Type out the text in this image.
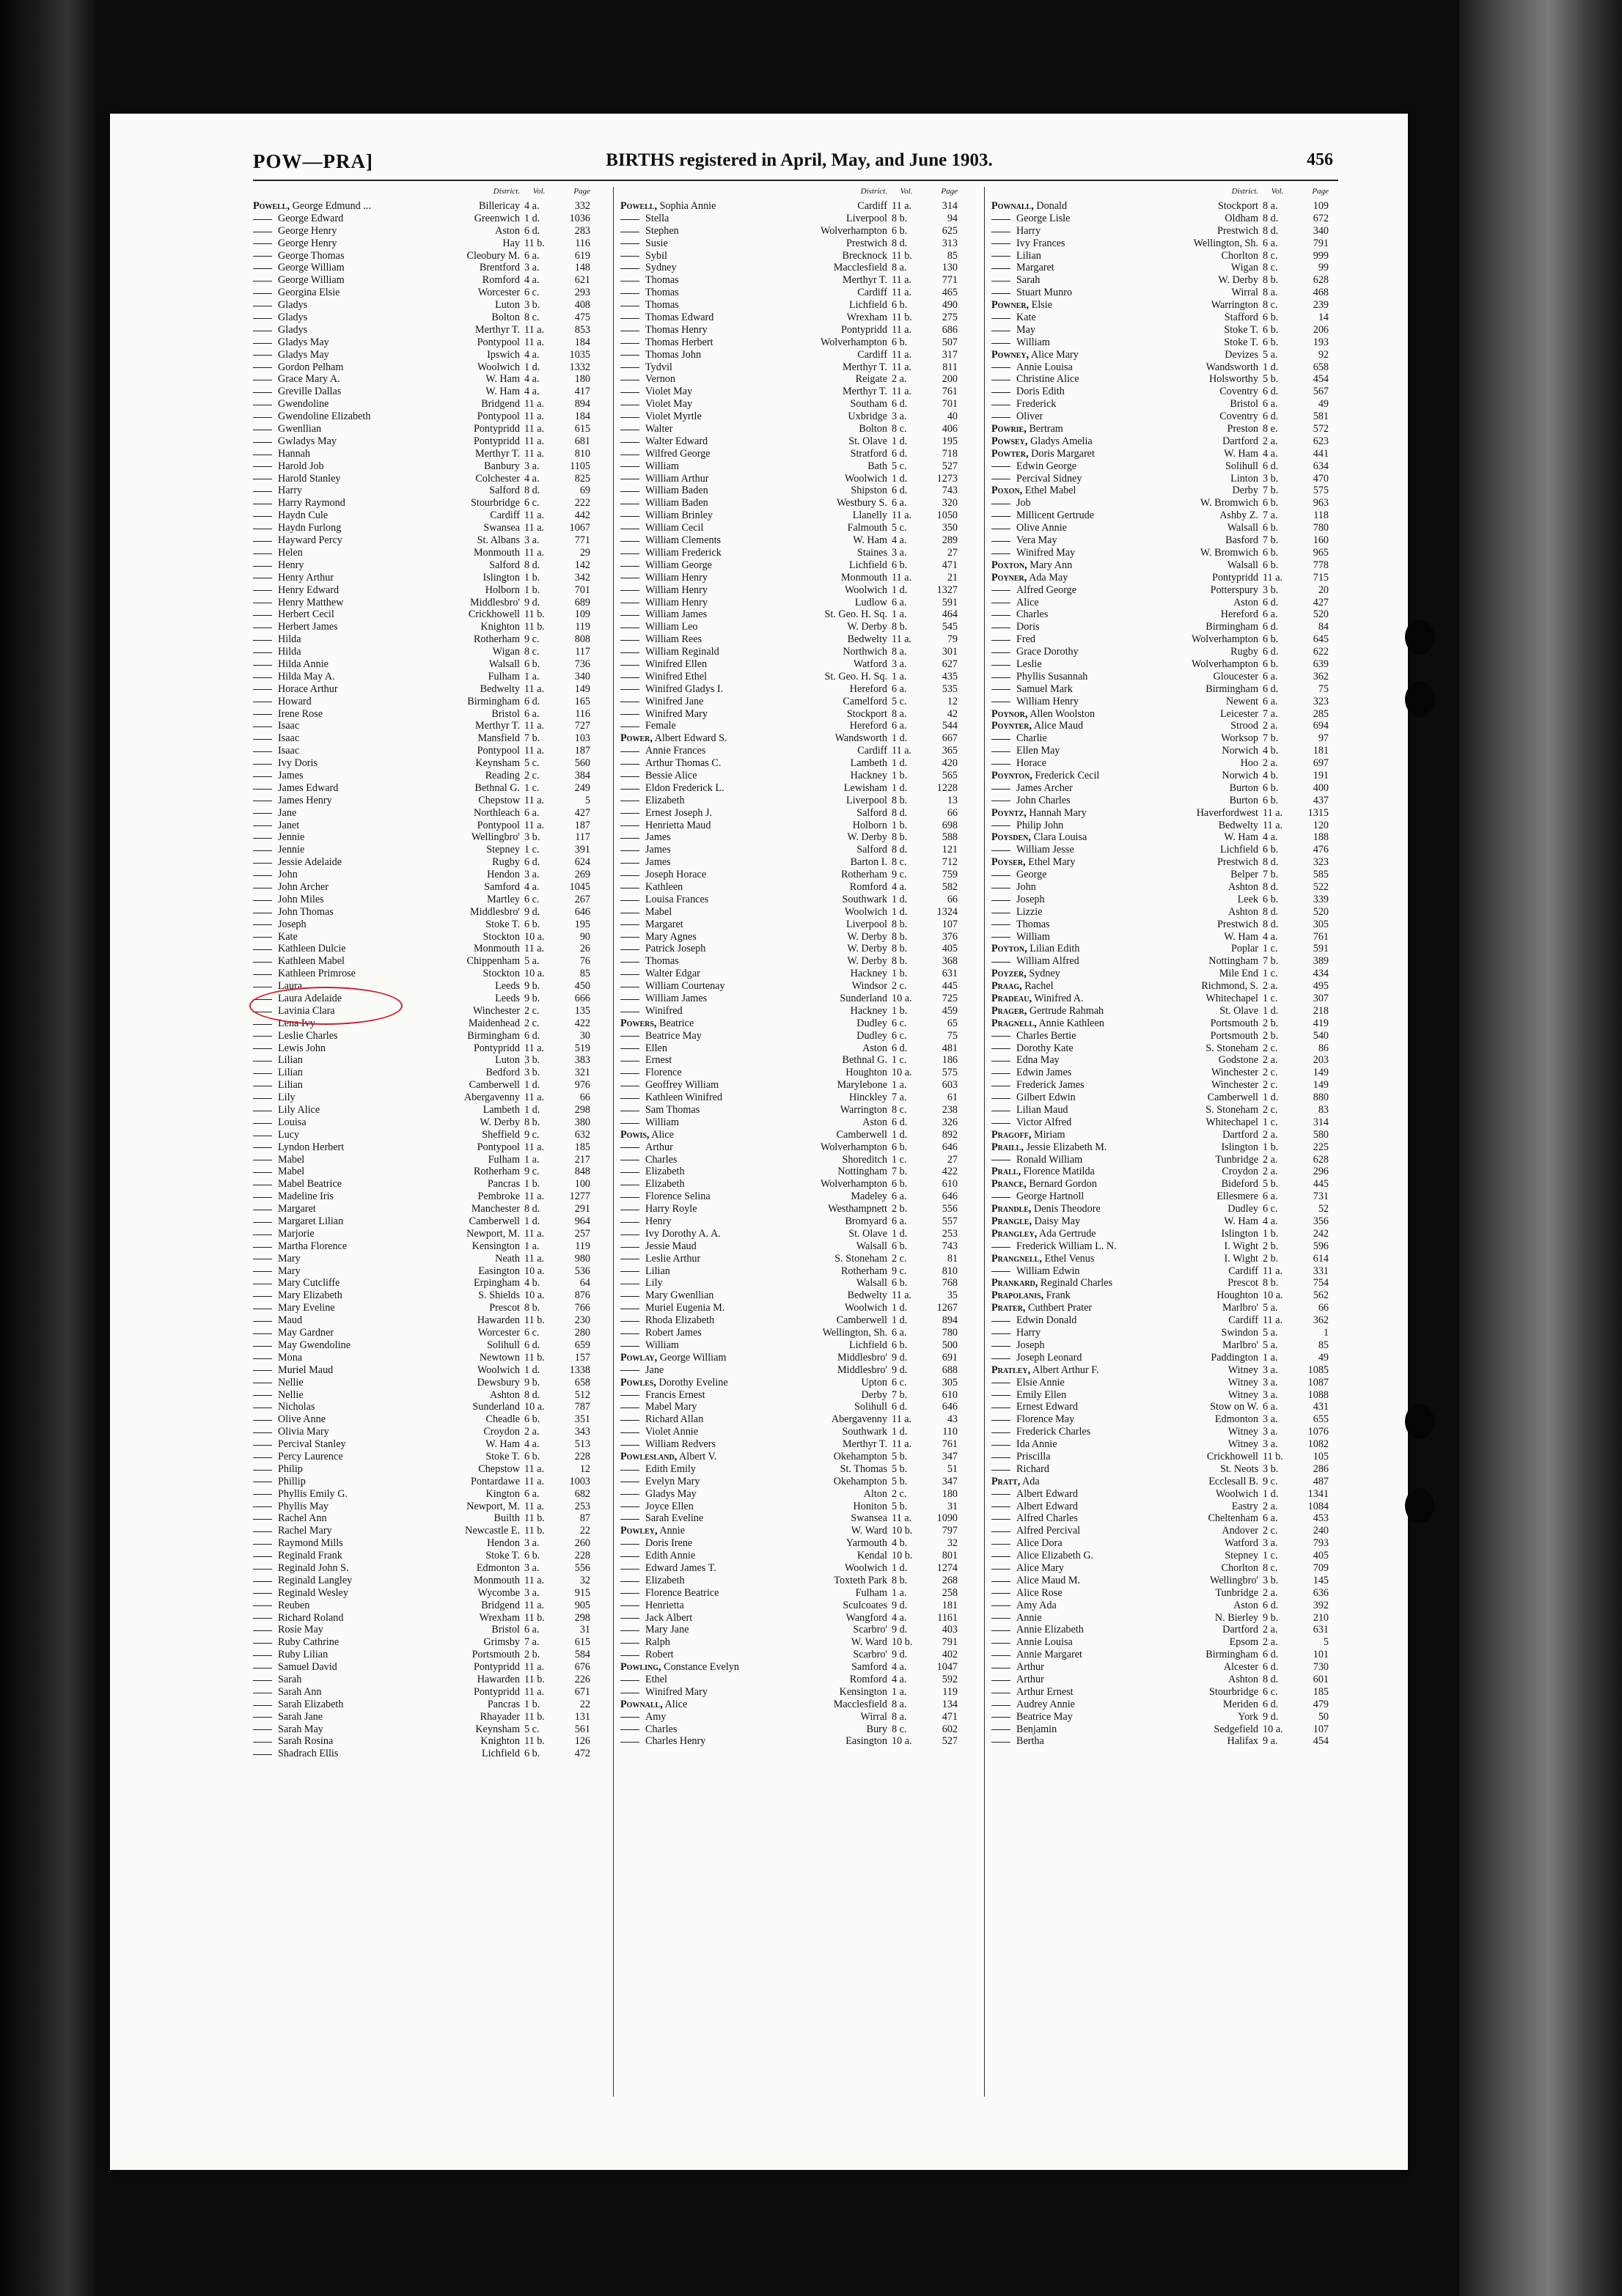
POW—PRA]	BIRTHS registered in April, May, and June 1903.	456
District.	Vol.	Page
Powell, George Edmund ...	Billericay 4 a.	332
George Edward	Greenwich 1 d.	1036
George Henry	Aston 6 d.	283
George Henry	Hay 11 b.	116
George Thomas	Cleobury M. 6 a.	619
George William	Brentford 3 a.	148
George William	Romford 4 a.	621
Georgina Elsie	Worcester 6 c.	293
Gladys	Luton 3 b.	408
Gladys	Bolton 8 c.	475
Gladys	Merthyr T. 11 a.	853
Gladys May	Pontypool 11 a.	184
Gladys May	Ipswich 4 a.	1035
Gordon Pelham	Woolwich 1 d.	1332
Grace Mary A.	W. Ham 4 a.	180
Greville Dallas	W. Ham 4 a.	417
Gwendoline	Bridgend 11 a.	894
Gwendoline Elizabeth	Pontypool 11 a.	184
Gwenllian	Pontypridd 11 a.	615
Gwladys May	Pontypridd 11 a.	681
Hannah	Merthyr T. 11 a.	810
Harold Job	Banbury 3 a.	1105
Harold Stanley	Colchester 4 a.	825
Harry	Salford 8 d.	69
Harry Raymond	Stourbridge 6 c.	222
Haydn Cule	Cardiff 11 a.	442
Haydn Furlong	Swansea 11 a.	1067
Hayward Percy	St. Albans 3 a.	771
Helen	Monmouth 11 a.	29
Henry	Salford 8 d.	142
Henry Arthur	Islington 1 b.	342
Henry Edward	Holborn 1 b.	701
Henry Matthew	Middlesbro' 9 d.	689
Herbert Cecil	Crickhowell 11 b.	109
Herbert James	Knighton 11 b.	119
Hilda	Rotherham 9 c.	808
Hilda	Wigan 8 c.	117
Hilda Annie	Walsall 6 b.	736
Hilda May A.	Fulham 1 a.	340
Horace Arthur	Bedwelty 11 a.	149
Howard	Birmingham 6 d.	165
Irene Rose	Bristol 6 a.	116
Isaac	Merthyr T. 11 a.	727
Isaac	Mansfield 7 b.	103
Isaac	Pontypool 11 a.	187
Ivy Doris	Keynsham 5 c.	560
James	Reading 2 c.	384
James Edward	Bethnal G. 1 c.	249
James Henry	Chepstow 11 a.	5
Jane	Northleach 6 a.	427
Janet	Pontypool 11 a.	187
Jennie	Wellingbro' 3 b.	117
Jennie	Stepney 1 c.	391
Jessie Adelaide	Rugby 6 d.	624
John	Hendon 3 a.	269
John Archer	Samford 4 a.	1045
John Miles	Martley 6 c.	267
John Thomas	Middlesbro' 9 d.	646
Joseph	Stoke T. 6 b.	195
Kate	Stockton 10 a.	90
Kathleen Dulcie	Monmouth 11 a.	26
Kathleen Mabel	Chippenham 5 a.	76
Kathleen Primrose	Stockton 10 a.	85
Laura	Leeds 9 b.	450
Laura Adelaide	Leeds 9 b.	666
Lavinia Clara	Winchester 2 c.	135
Lena Ivy	Maidenhead 2 c.	422
Leslie Charles	Birmingham 6 d.	30
Lewis John	Pontypridd 11 a.	519
Lilian	Luton 3 b.	383
Lilian	Bedford 3 b.	321
Lilian	Camberwell 1 d.	976
Lily	Abergavenny 11 a.	66
Lily Alice	Lambeth 1 d.	298
Louisa	W. Derby 8 b.	380
Lucy	Sheffield 9 c.	632
Lyndon Herbert	Pontypool 11 a.	185
Mabel	Fulham 1 a.	217
Mabel	Rotherham 9 c.	848
Mabel Beatrice	Pancras 1 b.	100
Madeline Iris	Pembroke 11 a.	1277
Margaret	Manchester 8 d.	291
Margaret Lilian	Camberwell 1 d.	964
Marjorie	Newport, M. 11 a.	257
Martha Florence	Kensington 1 a.	119
Mary	Neath 11 a.	980
Mary	Easington 10 a.	536
Mary Cutcliffe	Erpingham 4 b.	64
Mary Elizabeth	S. Shields 10 a.	876
Mary Eveline	Prescot 8 b.	766
Maud	Hawarden 11 b.	230
May Gardner	Worcester 6 c.	280
May Gwendoline	Solihull 6 d.	659
Mona	Newtown 11 b.	157
Muriel Maud	Woolwich 1 d.	1338
Nellie	Dewsbury 9 b.	658
Nellie	Ashton 8 d.	512
Nicholas	Sunderland 10 a.	787
Olive Anne	Cheadle 6 b.	351
Olivia Mary	Croydon 2 a.	343
Percival Stanley	W. Ham 4 a.	513
Percy Laurence	Stoke T. 6 b.	228
Philip	Chepstow 11 a.	12
Phillip	Pontardawe 11 a.	1003
Phyllis Emily G.	Kington 6 a.	682
Phyllis May	Newport, M. 11 a.	253
Rachel Ann	Builth 11 b.	87
Rachel Mary	Newcastle E. 11 b.	22
Raymond Mills	Hendon 3 a.	260
Reginald Frank	Stoke T. 6 b.	228
Reginald John S.	Edmonton 3 a.	556
Reginald Langley	Monmouth 11 a.	32
Reginald Wesley	Wycombe 3 a.	915
Reuben	Bridgend 11 a.	905
Richard Roland	Wrexham 11 b.	298
Rosie May	Bristol 6 a.	31
Ruby Cathrine	Grimsby 7 a.	615
Ruby Lilian	Portsmouth 2 b.	584
Samuel David	Pontypridd 11 a.	676
Sarah	Hawarden 11 b.	226
Sarah Ann	Pontypridd 11 a.	671
Sarah Elizabeth	Pancras 1 b.	22
Sarah Jane	Rhayader 11 b.	131
Sarah May	Keynsham 5 c.	561
Sarah Rosina	Knighton 11 b.	126
Shadrach Ellis	Lichfield 6 b.	472
District.	Vol.	Page
Powell, Sophia Annie	Cardiff 11 a.	314
Stella	Liverpool 8 b.	94
Stephen	Wolverhampton 6 b.	625
Susie	Prestwich 8 d.	313
Sybil	Brecknock 11 b.	85
Sydney	Macclesfield 8 a.	130
Thomas	Merthyr T. 11 a.	771
Thomas	Cardiff 11 a.	465
Thomas	Lichfield 6 b.	490
Thomas Edward	Wrexham 11 b.	275
Thomas Henry	Pontypridd 11 a.	686
Thomas Herbert	Wolverhampton 6 b.	507
Thomas John	Cardiff 11 a.	317
Tydvil	Merthyr T. 11 a.	811
Vernon	Reigate 2 a.	200
Violet May	Merthyr T. 11 a.	761
Violet May	Southam 6 d.	701
Violet Myrtle	Uxbridge 3 a.	40
Walter	Bolton 8 c.	406
Walter Edward	St. Olave 1 d.	195
Wilfred George	Stratford 6 d.	718
William	Bath 5 c.	527
William Arthur	Woolwich 1 d.	1273
William Baden	Shipston 6 d.	743
William Baden	Westbury S. 6 a.	320
William Brinley	Llanelly 11 a.	1050
William Cecil	Falmouth 5 c.	350
William Clements	W. Ham 4 a.	289
William Frederick	Staines 3 a.	27
William George	Lichfield 6 b.	471
William Henry	Monmouth 11 a.	21
William Henry	Woolwich 1 d.	1327
William Henry	Ludlow 6 a.	591
William James	St. Geo. H. Sq. 1 a.	464
William Leo	W. Derby 8 b.	545
William Rees	Bedwelty 11 a.	79
William Reginald	Northwich 8 a.	301
Winifred Ellen	Watford 3 a.	627
Winifred Ethel	St. Geo. H. Sq. 1 a.	435
Winifred Gladys I.	Hereford 6 a.	535
Winifred Jane	Camelford 5 c.	12
Winifred Mary	Stockport 8 a.	42
Female	Hereford 6 a.	544
Power, Albert Edward S.	Wandsworth 1 d.	667
Annie Frances	Cardiff 11 a.	365
Arthur Thomas C.	Lambeth 1 d.	420
Bessie Alice	Hackney 1 b.	565
Eldon Frederick L.	Lewisham 1 d.	1228
Elizabeth	Liverpool 8 b.	13
Ernest Joseph J.	Salford 8 d.	66
Henrietta Maud	Holborn 1 b.	698
James	W. Derby 8 b.	588
James	Salford 8 d.	121
James	Barton I. 8 c.	712
Joseph Horace	Rotherham 9 c.	759
Kathleen	Romford 4 a.	582
Louisa Frances	Southwark 1 d.	66
Mabel	Woolwich 1 d.	1324
Margaret	Liverpool 8 b.	107
Mary Agnes	W. Derby 8 b.	376
Patrick Joseph	W. Derby 8 b.	405
Thomas	W. Derby 8 b.	368
Walter Edgar	Hackney 1 b.	631
William Courtenay	Windsor 2 c.	445
William James	Sunderland 10 a.	725
Winifred	Hackney 1 b.	459
Powers, Beatrice	Dudley 6 c.	65
Beatrice May	Dudley 6 c.	75
Ellen	Aston 6 d.	481
Ernest	Bethnal G. 1 c.	186
Florence	Houghton 10 a.	575
Geoffrey William	Marylebone 1 a.	603
Kathleen Winifred	Hinckley 7 a.	61
Sam Thomas	Warrington 8 c.	238
William	Aston 6 d.	326
Powis, Alice	Camberwell 1 d.	892
Arthur	Wolverhampton 6 b.	646
Charles	Shoreditch 1 c.	27
Elizabeth	Nottingham 7 b.	422
Elizabeth	Wolverhampton 6 b.	610
Florence Selina	Madeley 6 a.	646
Harry Royle	Westhampnett 2 b.	556
Henry	Bromyard 6 a.	557
Ivy Dorothy A. A.	St. Olave 1 d.	253
Jessie Maud	Walsall 6 b.	743
Leslie Arthur	S. Stoneham 2 c.	81
Lilian	Rotherham 9 c.	810
Lily	Walsall 6 b.	768
Mary Gwenllian	Bedwelty 11 a.	35
Muriel Eugenia M.	Woolwich 1 d.	1267
Rhoda Elizabeth	Camberwell 1 d.	894
Robert James	Wellington, Sh. 6 a.	780
William	Lichfield 6 b.	500
Powlay, George William	Middlesbro' 9 d.	691
Jane	Middlesbro' 9 d.	688
Powles, Dorothy Eveline	Upton 6 c.	305
Francis Ernest	Derby 7 b.	610
Mabel Mary	Solihull 6 d.	646
Richard Allan	Abergavenny 11 a.	43
Violet Annie	Southwark 1 d.	110
William Redvers	Merthyr T. 11 a.	761
Powlesland, Albert V.	Okehampton 5 b.	347
Edith Emily	St. Thomas 5 b.	51
Evelyn Mary	Okehampton 5 b.	347
Gladys May	Alton 2 c.	180
Joyce Ellen	Honiton 5 b.	31
Sarah Eveline	Swansea 11 a.	1090
Powley, Annie	W. Ward 10 b.	797
Doris Irene	Yarmouth 4 b.	32
Edith Annie	Kendal 10 b.	801
Edward James T.	Woolwich 1 d.	1274
Elizabeth	Toxteth Park 8 b.	268
Florence Beatrice	Fulham 1 a.	258
Henrietta	Sculcoates 9 d.	181
Jack Albert	Wangford 4 a.	1161
Mary Jane	Scarbro' 9 d.	403
Ralph	W. Ward 10 b.	791
Robert	Scarbro' 9 d.	402
Powling, Constance Evelyn	Samford 4 a.	1047
Ethel	Romford 4 a.	592
Winifred Mary	Kensington 1 a.	119
Pownall, Alice	Macclesfield 8 a.	134
Amy	Wirral 8 a.	471
Charles	Bury 8 c.	602
Charles Henry	Easington 10 a.	527
District.	Vol.	Page
Pownall, Donald	Stockport 8 a.	109
George Lisle	Oldham 8 d.	672
Harry	Prestwich 8 d.	340
Ivy Frances	Wellington, Sh. 6 a.	791
Lilian	Chorlton 8 c.	999
Margaret	Wigan 8 c.	99
Sarah	W. Derby 8 b.	628
Stuart Munro	Wirral 8 a.	468
Powner, Elsie	Warrington 8 c.	239
Kate	Stafford 6 b.	14
May	Stoke T. 6 b.	206
William	Stoke T. 6 b.	193
Powney, Alice Mary	Devizes 5 a.	92
Annie Louisa	Wandsworth 1 d.	658
Christine Alice	Holsworthy 5 b.	454
Doris Edith	Coventry 6 d.	567
Frederick	Bristol 6 a.	49
Oliver	Coventry 6 d.	581
Powrie, Bertram	Preston 8 e.	572
Powsey, Gladys Amelia	Dartford 2 a.	623
Powter, Doris Margaret	W. Ham 4 a.	441
Edwin George	Solihull 6 d.	634
Percival Sidney	Linton 3 b.	470
Poxon, Ethel Mabel	Derby 7 b.	575
Job	W. Bromwich 6 b.	963
Millicent Gertrude	Ashby Z. 7 a.	118
Olive Annie	Walsall 6 b.	780
Vera May	Basford 7 b.	160
Winifred May	W. Bromwich 6 b.	965
Poxton, Mary Ann	Walsall 6 b.	778
Poyner, Ada May	Pontypridd 11 a.	715
Alfred George	Potterspury 3 b.	20
Alice	Aston 6 d.	427
Charles	Hereford 6 a.	520
Doris	Birmingham 6 d.	84
Fred	Wolverhampton 6 b.	645
Grace Dorothy	Rugby 6 d.	622
Leslie	Wolverhampton 6 b.	639
Phyllis Susannah	Gloucester 6 a.	362
Samuel Mark	Birmingham 6 d.	75
William Henry	Newent 6 a.	323
Poynor, Allen Woolston	Leicester 7 a.	285
Poynter, Alice Maud	Strood 2 a.	694
Charlie	Worksop 7 b.	97
Ellen May	Norwich 4 b.	181
Horace	Hoo 2 a.	697
Poynton, Frederick Cecil	Norwich 4 b.	191
James Archer	Burton 6 b.	400
John Charles	Burton 6 b.	437
Poyntz, Hannah Mary	Haverfordwest 11 a.	1315
Philip John	Bedwelty 11 a.	120
Poysden, Clara Louisa	W. Ham 4 a.	188
William Jesse	Lichfield 6 b.	476
Poyser, Ethel Mary	Prestwich 8 d.	323
George	Belper 7 b.	585
John	Ashton 8 d.	522
Joseph	Leek 6 b.	339
Lizzie	Ashton 8 d.	520
Thomas	Prestwich 8 d.	305
William	W. Ham 4 a.	761
Poyton, Lilian Edith	Poplar 1 c.	591
William Alfred	Nottingham 7 b.	389
Poyzer, Sydney	Mile End 1 c.	434
Praag, Rachel	Richmond, S. 2 a.	495
Pradeau, Winifred A.	Whitechapel 1 c.	307
Prager, Gertrude Rahmah	St. Olave 1 d.	218
Pragnell, Annie Kathleen	Portsmouth 2 b.	419
Charles Bertie	Portsmouth 2 b.	540
Dorothy Kate	S. Stoneham 2 c.	86
Edna May	Godstone 2 a.	203
Edwin James	Winchester 2 c.	149
Frederick James	Winchester 2 c.	149
Gilbert Edwin	Camberwell 1 d.	880
Lilian Maud	S. Stoneham 2 c.	83
Victor Alfred	Whitechapel 1 c.	314
Pragoff, Miriam	Dartford 2 a.	580
Praill, Jessie Elizabeth M.	Islington 1 b.	225
Ronald William	Tunbridge 2 a.	628
Prall, Florence Matilda	Croydon 2 a.	296
Prance, Bernard Gordon	Bideford 5 b.	445
George Hartnoll	Ellesmere 6 a.	731
Prandle, Denis Theodore	Dudley 6 c.	52
Prangle, Daisy May	W. Ham 4 a.	356
Prangley, Ada Gertrude	Islington 1 b.	242
Frederick William L. N.	I. Wight 2 b.	596
Prangnell, Ethel Venus	I. Wight 2 b.	614
William Edwin	Cardiff 11 a.	331
Prankard, Reginald Charles	Prescot 8 b.	754
Prapolanis, Frank	Houghton 10 a.	562
Prater, Cuthbert Prater	Marlbro' 5 a.	66
Edwin Donald	Cardiff 11 a.	362
Harry	Swindon 5 a.	1
Joseph	Marlbro' 5 a.	85
Joseph Leonard	Paddington 1 a.	49
Pratley, Albert Arthur F.	Witney 3 a.	1085
Elsie Annie	Witney 3 a.	1087
Emily Ellen	Witney 3 a.	1088
Ernest Edward	Stow on W. 6 a.	431
Florence May	Edmonton 3 a.	655
Frederick Charles	Witney 3 a.	1076
Ida Annie	Witney 3 a.	1082
Priscilla	Crickhowell 11 b.	105
Richard	St. Neots 3 b.	286
Pratt, Ada	Ecclesall B. 9 c.	487
Albert Edward	Woolwich 1 d.	1341
Albert Edward	Eastry 2 a.	1084
Alfred Charles	Cheltenham 6 a.	453
Alfred Percival	Andover 2 c.	240
Alice Dora	Watford 3 a.	793
Alice Elizabeth G.	Stepney 1 c.	405
Alice Mary	Chorlton 8 c.	709
Alice Maud M.	Wellingbro' 3 b.	145
Alice Rose	Tunbridge 2 a.	636
Amy Ada	Aston 6 d.	392
Annie	N. Bierley 9 b.	210
Annie Elizabeth	Dartford 2 a.	631
Annie Louisa	Epsom 2 a.	5
Annie Margaret	Birmingham 6 d.	101
Arthur	Alcester 6 d.	730
Arthur	Ashton 8 d.	601
Arthur Ernest	Stourbridge 6 c.	185
Audrey Annie	Meriden 6 d.	479
Beatrice May	York 9 d.	50
Benjamin	Sedgefield 10 a.	107
Bertha	Halifax 9 a.	454
